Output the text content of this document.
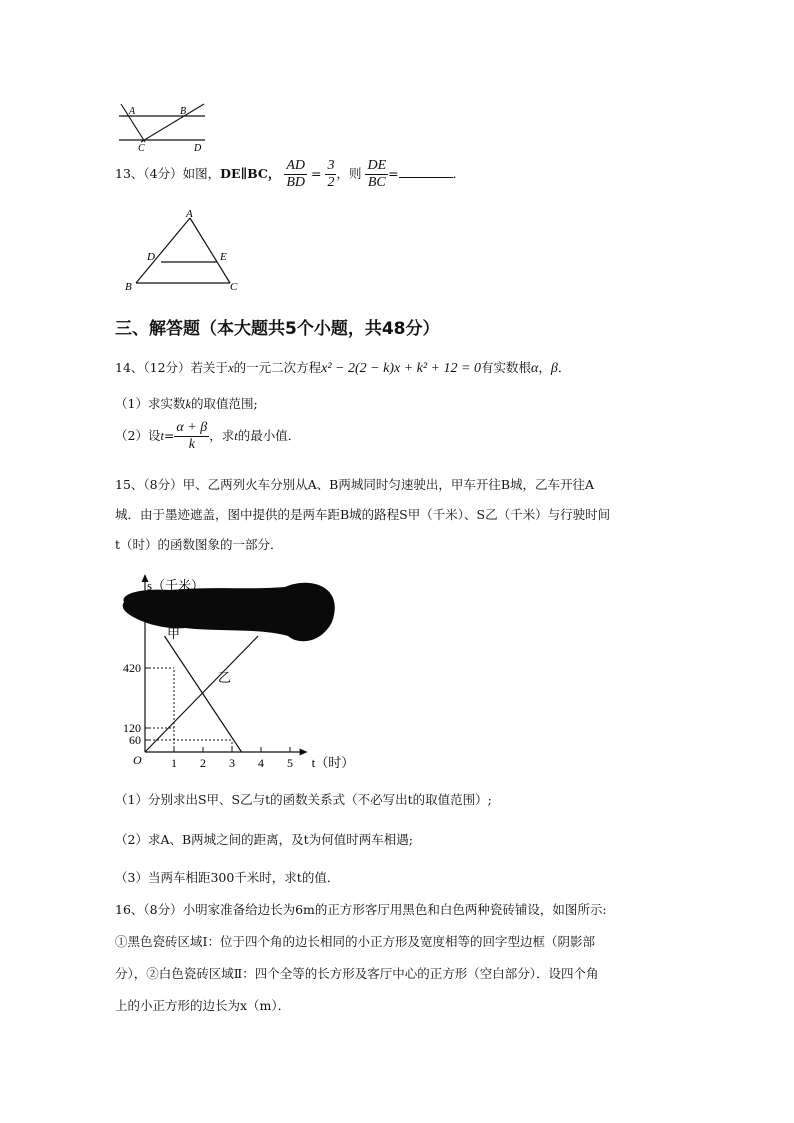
A	B
C	D
13、（4分）如图，DE∥BC， $\frac{AD}{BD} = \frac{3}{2}$ ，则 $\frac{DE}{BC}$ =	．
A
D	E
B	C
三、解答题（本大题共5个小题，共48分）
14、（12分）若关于x的一元二次方程x² − 2(2 − k)x + k² + 12 = 0有实数根α，β．
（1）求实数k的取值范围;
（2）设$t= \frac{\alpha + \beta}{k}$ ，求t的最小值．
15、（8分）甲、乙两列火车分别从A、B两城同时匀速驶出，甲车开往B城，乙车开往A
城．由于墨迹遮盖，图中提供的是两车距B城的路程S甲（千米）、S乙（千米）与行驶时间
t（时）的函数图象的一部分．
甲
乙
1 2 3 4 5
60
120
420
s（千米）
t（时）
O
（1）分别求出S甲、S乙与t的函数关系式（不必写出t的取值范围）;
（2）求A、B两城之间的距离，及t为何值时两车相遇;
（3）当两车相距300千米时，求t的值．
16、（8分）小明家准备给边长为6m的正方形客厅用黑色和白色两种瓷砖铺设，如图所示:
①黑色瓷砖区域Ⅰ：位于四个角的边长相同的小正方形及宽度相等的回字型边框（阴影部
分），②白色瓷砖区域Ⅱ：四个全等的长方形及客厅中心的正方形（空白部分）．设四个角
上的小正方形的边长为x（m）．
